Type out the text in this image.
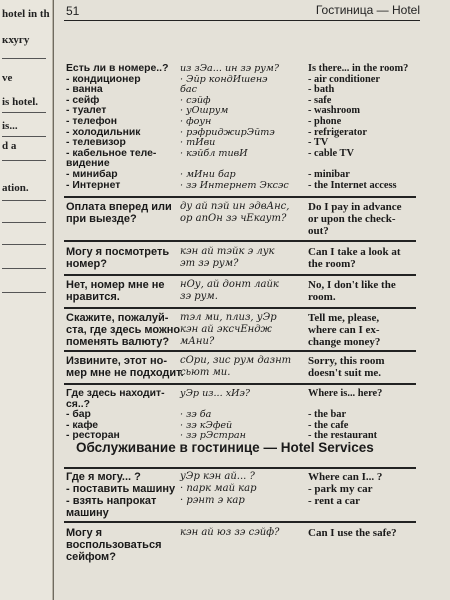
hotel in th
кхугу
ve
is hotel.
is...
d a
ation.
51	Гостиница — Hotel
Есть ли в номере..?
- кондиционер
- ванна
- сейф
- туалет
- телефон
- холодильник
- телевизор
- кабельное теле-
видение
- минибар
- Интернет
из зЭа... ин зэ рум?
· Эйр кондИшенэ
бас
· сэйф
· уОшрум
· фоун
· рэфриджирЭйтэ
· тИви
· кэйбл тивИ
· мИни бар
· зэ Интернет Эксэс
Is there... in the room?
- air conditioner
- bath
- safe
- washroom
- phone
- refrigerator
- TV
- cable TV
- minibar
- the Internet access
Оплата вперед или
при выезде?
ду ай пэй ин эдвАнс,
ор апОн зэ чЕкаут?
Do I pay in advance
or upon the check-
out?
Могу я посмотреть
номер?
кэн ай тэйк э лук
эт зэ рум?
Can I take a look at
the room?
Нет, номер мне не
нравится.
нОу, ай донт лайк
зэ рум.
No, I don't like the
room.
Скажите, пожалуй-
ста, где здесь можно
поменять валюту?
тэл ми, плиз, уЭр
кэн ай эксчЕндж
мАни?
Tell me, please,
where can I ex-
change money?
Извините, этот но-
мер мне не подходит.
сОри, зис рум дазнт
сьют ми.
Sorry, this room
doesn't suit me.
Где здесь находит-
ся..?
- бар
- кафе
- ресторан
уЭр из... хИэ?
· зэ ба
· зэ кЭфей
· зэ рЭстран
Where is... here?
- the bar
- the cafe
- the restaurant
Обслуживание в гостинице — Hotel Services
Где я могу... ?
- поставить машину
- взять напрокат
машину
уЭр кэн ай... ?
· парк май кар
· рэнт э кар
Where can I... ?
- park my car
- rent a car
Могу я
воспользоваться
сейфом?
кэн ай юз зэ сэйф?	Can I use the safe?
